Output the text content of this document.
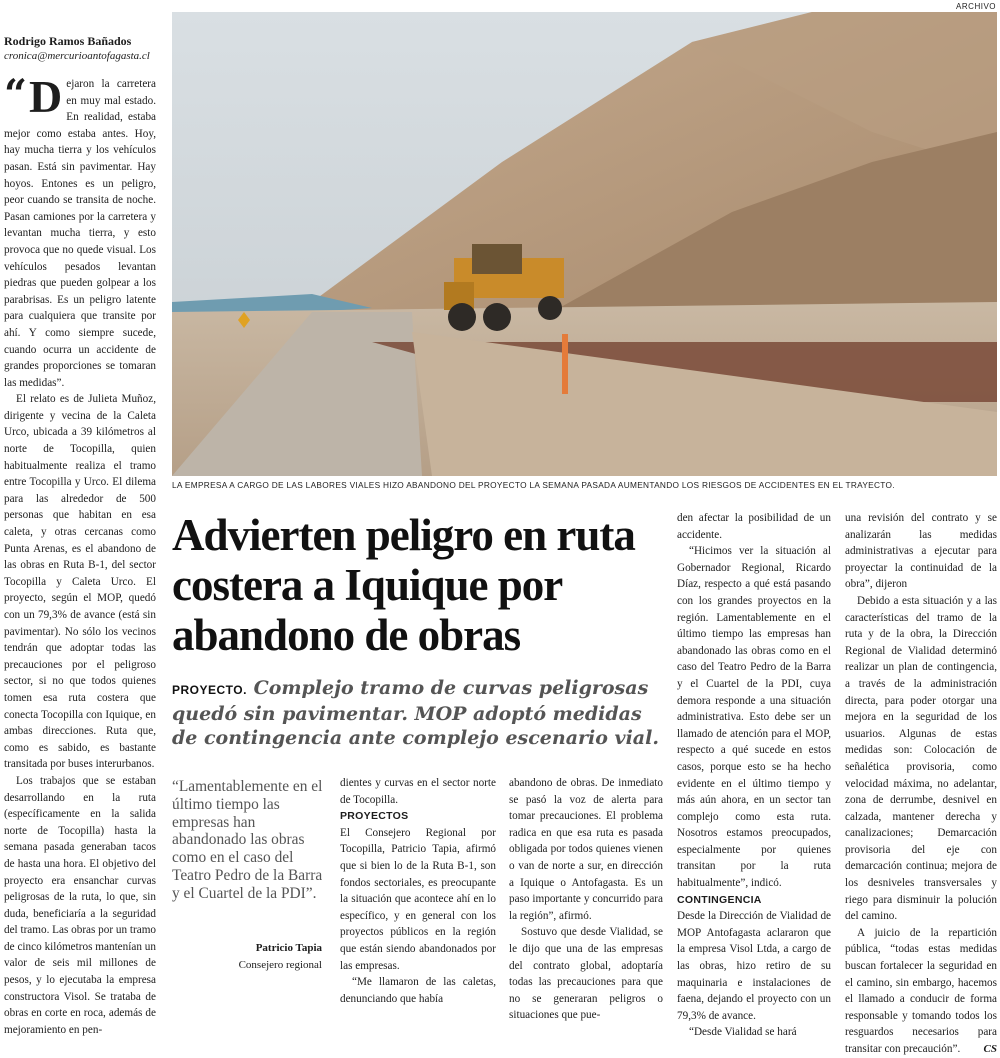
Rodrigo Ramos Bañados
cronica@mercurioantofagasta.cl
ARCHIVO
LA EMPRESA A CARGO DE LAS LABORES VIALES HIZO ABANDONO DEL PROYECTO LA SEMANA PASADA AUMENTANDO LOS RIESGOS DE ACCIDENTES EN EL TRAYECTO.
Advierten peligro en ruta costera a Iquique por abandono de obras
PROYECTO. Complejo tramo de curvas peligrosas quedó sin pavimentar. MOP adoptó medidas de contingencia ante complejo escenario vial.
“ D ejaron la carretera en muy mal estado. En realidad, estaba mejor como estaba antes. Hoy, hay mucha tierra y los vehículos pasan. Está sin pavimentar. Hay hoyos. Entones es un peligro, peor cuando se transita de noche. Pasan camiones por la carretera y levantan mucha tierra, y esto provoca que no quede visual. Los vehículos pesados levantan piedras que pueden golpear a los parabrisas. Es un peligro latente para cualquiera que transite por ahí. Y como siempre sucede, cuando ocurra un accidente de grandes proporciones se tomaran las medidas”.

El relato es de Julieta Muñoz, dirigente y vecina de la Caleta Urco, ubicada a 39 kilómetros al norte de Tocopilla, quien habitualmente realiza el tramo entre Tocopilla y Urco. El dilema para las alrededor de 500 personas que habitan en esa caleta, y otras cercanas como Punta Arenas, es el abandono de las obras en Ruta B-1, del sector Tocopilla y Caleta Urco. El proyecto, según el MOP, quedó con un 79,3% de avance (está sin pavimentar). No sólo los vecinos tendrán que adoptar todas las precauciones por el peligroso sector, si no que todos quienes tomen esa ruta costera que conecta Tocopilla con Iquique, en ambas direcciones. Ruta que, como es sabido, es bastante transitada por buses interurbanos.

Los trabajos que se estaban desarrollando en la ruta (específicamente en la salida norte de Tocopilla) hasta la semana pasada generaban tacos de hasta una hora. El objetivo del proyecto era ensanchar curvas peligrosas de la ruta, lo que, sin duda, beneficiaría a la seguridad del tramo. Las obras por un tramo de cinco kilómetros mantenían un valor de seis mil millones de pesos, y lo ejecutaba la empresa constructora Visol. Se trataba de obras en corte en roca, además de mejoramiento en pen-

“Lamentablemente en el último tiempo las empresas han abandonado las obras como en el caso del Teatro Pedro de la Barra y el Cuartel de la PDI”.
Patricio Tapia
Consejero regional

dientes y curvas en el sector norte de Tocopilla.

PROYECTOS

El Consejero Regional por Tocopilla, Patricio Tapia, afirmó que si bien lo de la Ruta B-1, son fondos sectoriales, es preocupante la situación que acontece ahí en lo específico, y en general con los proyectos públicos en la región que están siendo abandonados por las empresas.

“Me llamaron de las caletas, denunciando que había

abandono de obras. De inmediato se pasó la voz de alerta para tomar precauciones. El problema radica en que esa ruta es pasada obligada por todos quienes vienen o van de norte a sur, en dirección a Iquique o Antofagasta. Es un paso importante y concurrido para la región”, afirmó.

Sostuvo que desde Vialidad, se le dijo que una de las empresas del contrato global, adoptaría todas las precauciones para que no se generaran peligros o situaciones que pue-

den afectar la posibilidad de un accidente.

“Hicimos ver la situación al Gobernador Regional, Ricardo Díaz, respecto a qué está pasando con los grandes proyectos en la región. Lamentablemente en el último tiempo las empresas han abandonado las obras como en el caso del Teatro Pedro de la Barra y el Cuartel de la PDI, cuya demora responde a una situación administrativa. Esto debe ser un llamado de atención para el MOP, respecto a qué sucede en estos casos, porque esto se ha hecho evidente en el último tiempo y más aún ahora, en un sector tan complejo como esta ruta. Nosotros estamos preocupados, especialmente por quienes transitan por la ruta habitualmente”, indicó.

CONTINGENCIA

Desde la Dirección de Vialidad de MOP Antofagasta aclararon que la empresa Visol Ltda, a cargo de las obras, hizo retiro de su maquinaria e instalaciones de faena, dejando el proyecto con un 79,3% de avance.

“Desde Vialidad se hará

una revisión del contrato y se analizarán las medidas administrativas a ejecutar para proyectar la continuidad de la obra”, dijeron

Debido a esta situación y a las características del tramo de la ruta y de la obra, la Dirección Regional de Vialidad determinó realizar un plan de contingencia, a través de la administración directa, para poder otorgar una mejora en la seguridad de los usuarios. Algunas de estas medidas son: Colocación de señalética provisoria, como velocidad máxima, no adelantar, zona de derrumbe, desnivel en calzada, mantener derecha y canalizaciones; Demarcación provisoria del eje con demarcación continua; mejora de los desniveles transversales y riego para disminuir la polución del camino.

A juicio de la repartición pública, “todas estas medidas buscan fortalecer la seguridad en el camino, sin embargo, hacemos el llamado a conducir de forma responsable y tomando todos los resguardos necesarios para transitar con precaución”.	CS
